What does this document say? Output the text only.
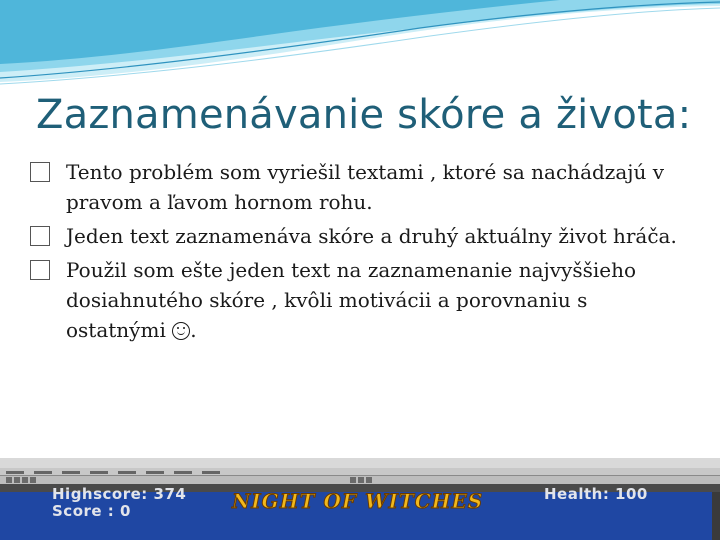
Zaznamenávanie skóre a života:
Tento problém som vyriešil textami , ktoré sa nachádzajú v pravom a ľavom hornom rohu.
Jeden text zaznamenáva skóre a druhý aktuálny život hráča.
Použil som ešte jeden text na zaznamenanie najvyššieho dosiahnutého skóre , kvôli motivácii a porovnaniu s ostatnými .
Highscore: 374
Score : 0	NIGHT OF WITCHES	Health: 100
